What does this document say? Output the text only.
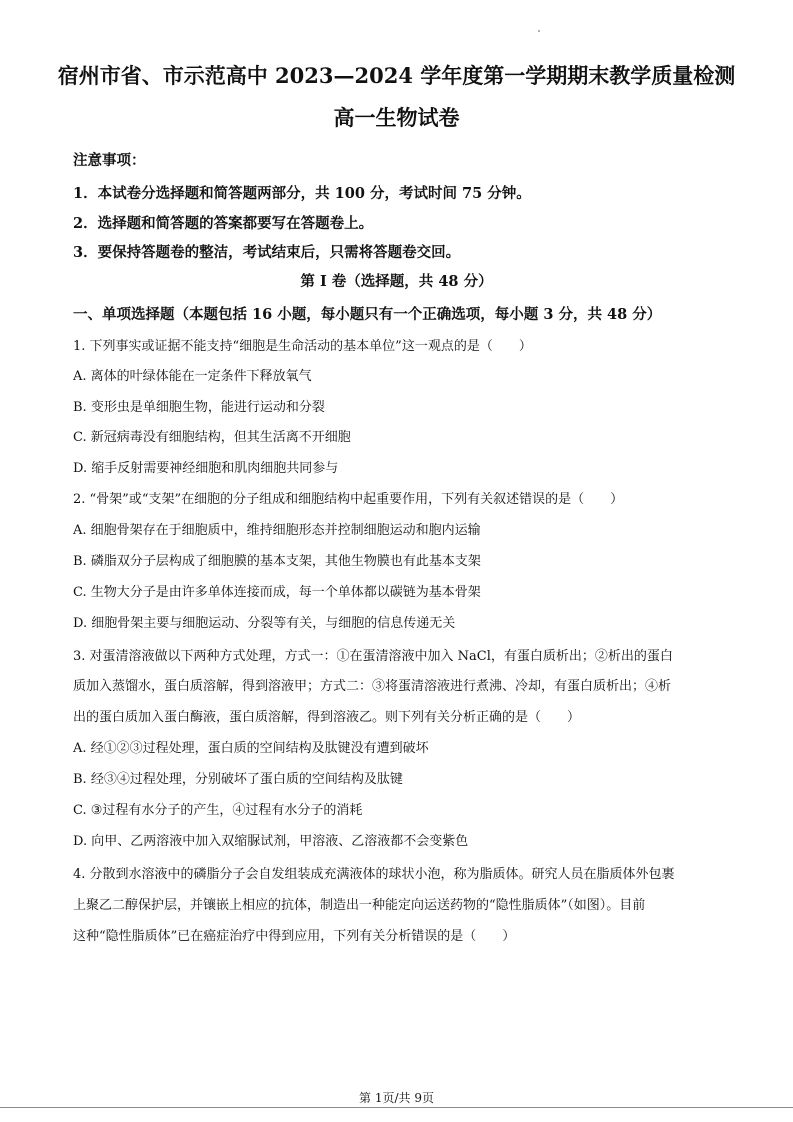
宿州市省、市示范高中 2023—2024 学年度第一学期期末教学质量检测
高一生物试卷
注意事项：
1．本试卷分选择题和简答题两部分，共 100 分，考试时间 75 分钟。
2．选择题和简答题的答案都要写在答题卷上。
3．要保持答题卷的整洁，考试结束后，只需将答题卷交回。
第 I 卷（选择题，共 48 分）
一、单项选择题（本题包括 16 小题，每小题只有一个正确选项，每小题 3 分，共 48 分）
1. 下列事实或证据不能支持“细胞是生命活动的基本单位”这一观点的是（　　）
A. 离体的叶绿体能在一定条件下释放氧气
B. 变形虫是单细胞生物，能进行运动和分裂
C. 新冠病毒没有细胞结构，但其生活离不开细胞
D. 缩手反射需要神经细胞和肌肉细胞共同参与
2. “骨架”或“支架”在细胞的分子组成和细胞结构中起重要作用，下列有关叙述错误的是（　　）
A. 细胞骨架存在于细胞质中，维持细胞形态并控制细胞运动和胞内运输
B. 磷脂双分子层构成了细胞膜的基本支架，其他生物膜也有此基本支架
C. 生物大分子是由许多单体连接而成，每一个单体都以碳链为基本骨架
D. 细胞骨架主要与细胞运动、分裂等有关，与细胞的信息传递无关
3. 对蛋清溶液做以下两种方式处理，方式一：①在蛋清溶液中加入 NaCl，有蛋白质析出；②析出的蛋白
质加入蒸馏水，蛋白质溶解，得到溶液甲；方式二：③将蛋清溶液进行煮沸、冷却，有蛋白质析出；④析
出的蛋白质加入蛋白酶液，蛋白质溶解，得到溶液乙。则下列有关分析正确的是（　　）
A. 经①②③过程处理，蛋白质的空间结构及肽键没有遭到破坏
B. 经③④过程处理，分别破坏了蛋白质的空间结构及肽键
C. ③过程有水分子的产生，④过程有水分子的消耗
D. 向甲、乙两溶液中加入双缩脲试剂，甲溶液、乙溶液都不会变紫色
4. 分散到水溶液中的磷脂分子会自发组装成充满液体的球状小泡，称为脂质体。研究人员在脂质体外包裹
上聚乙二醇保护层，并镶嵌上相应的抗体，制造出一种能定向运送药物的“隐性脂质体”（如图）。目前
这种“隐性脂质体”已在癌症治疗中得到应用，下列有关分析错误的是（　　）
第 1页/共 9页
